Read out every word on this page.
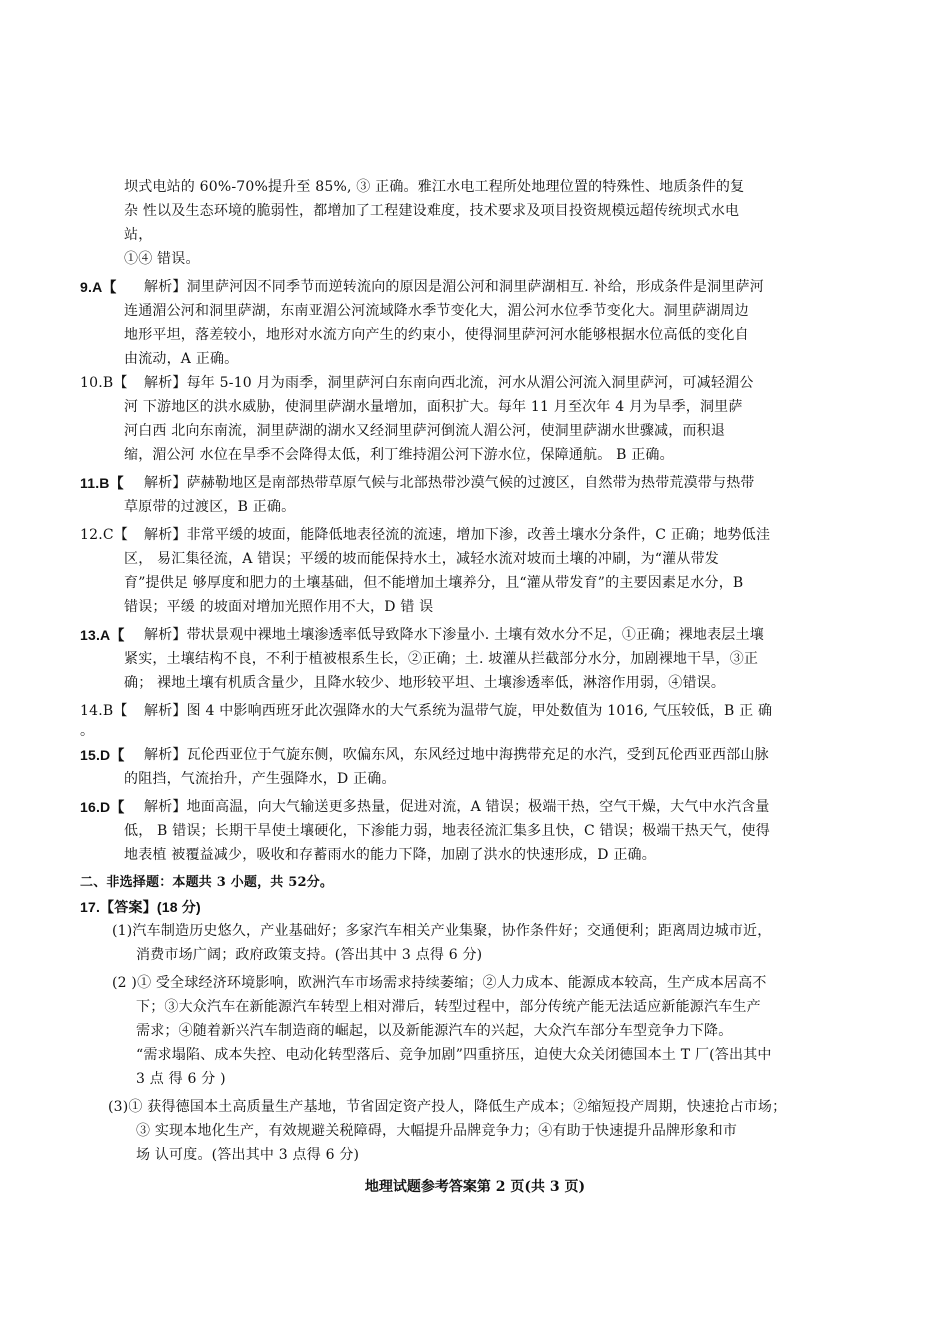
坝式电站的 60%-70%提升至 85%, ③ 正确。雅江水电工程所处地理位置的特殊性、地质条件的复
杂 性以及生态环境的脆弱性，都增加了工程建设难度，技术要求及项目投资规模远超传统坝式水电
站，
①④ 错误。
9.A【 解析】洞里萨河因不同季节而逆转流向的原因是湄公河和洞里萨湖相互. 补给，形成条件是洞里萨河
连通湄公河和洞里萨湖，东南亚湄公河流域降水季节变化大，湄公河水位季节变化大。洞里萨湖周边
地形平坦，落差较小，地形对水流方向产生的约束小，使得洞里萨河河水能够根据水位高低的变化自
由流动，A 正确。
10.B【 解析】每年 5-10 月为雨季，洞里萨河白东南向西北流，河水从湄公河流入洞里萨河，可减轻湄公
河 下游地区的洪水威胁，使洞里萨湖水量增加，面积扩大。每年 11 月至次年 4 月为旱季，洞里萨
河白西 北向东南流，洞里萨湖的湖水又经洞里萨河倒流人湄公河，使洞里萨湖水世骤减，而积退
缩，湄公河 水位在旱季不会降得太低，利丁维持湄公河下游水位，保障通航。 B 正确。
11.B【 解析】萨赫勒地区是南部热带草原气候与北部热带沙漠气候的过渡区，自然带为热带荒漠带与热带
草原带的过渡区，B 正确。
12.C【 解析】非常平缓的坡面，能降低地表径流的流速，增加下渗，改善土壤水分条件，C 正确；地势低洼
区， 易汇集径流，A 错误；平缓的坡而能保持水土，减轻水流对坡而土壤的冲刷，为“灌从带发
育”提供足 够厚度和肥力的土壤基础，但不能增加土壤养分，且“灌从带发育”的主要因素足水分，B
错误；平缓 的坡面对增加光照作用不大，D 错 误
13.A【 解析】带状景观中裸地土壤渗透率低导致降水下渗量小. 土壤有效水分不足，①正确；裸地表层土壤
紧实，土壤结构不良，不利于植被根系生长，②正确；土. 坡灌从拦截部分水分，加剧裸地干旱，③正
确； 裸地土壤有机质含量少，且降水较少、地形较平坦、土壤渗透率低，淋溶作用弱，④错误。
14.B【 解析】图 4 中影响西班牙此次强降水的大气系统为温带气旋，甲处数值为 1016, 气压较低，B 正 确
。
15.D【 解析】瓦伦西亚位于气旋东侧，吹偏东风，东风经过地中海携带充足的水汽，受到瓦伦西亚西部山脉
的阻挡，气流抬升，产生强降水，D 正确。
16.D【 解析】地面高温，向大气输送更多热量，促进对流，A 错误；极端干热，空气干燥，大气中水汽含量
低， B 错误；长期干旱使土壤硬化，下渗能力弱，地表径流汇集多且快，C 错误；极端干热天气，使得
地表植 被覆益减少，吸收和存蓄雨水的能力下降，加剧了洪水的快速形成，D 正确。
二、非选择题：本题共 3 小题，共 52分。
17.【答案】(18 分)
(1)汽车制造历史悠久，产业基础好；多家汽车相关产业集聚，协作条件好；交通便利；距离周边城市近，
消费市场广阔；政府政策支持。(答出其中 3 点得 6 分)
(2 )① 受全球经济环境影响，欧洲汽车市场需求持续萎缩；②人力成本、能源成本较高，生产成本居高不
下；③大众汽车在新能源汽车转型上相对滞后，转型过程中，部分传统产能无法适应新能源汽车生产
需求；④随着新兴汽车制造商的崛起，以及新能源汽车的兴起，大众汽车部分车型竞争力下降。
“需求塌陷、成本失控、电动化转型落后、竞争加剧”四重挤压，迫使大众关闭德国本土 T 厂(答出其中
3 点 得 6 分 )
(3)① 获得德国本土高质量生产基地，节省固定资产投人，降低生产成本；②缩短投产周期，快速抢占市场；
③ 实现本地化生产，有效规避关税障碍，大幅提升品牌竞争力；④有助于快速提升品牌形象和市
场 认可度。(答出其中 3 点得 6 分)
地理试题参考答案第 2 页(共 3 页)
